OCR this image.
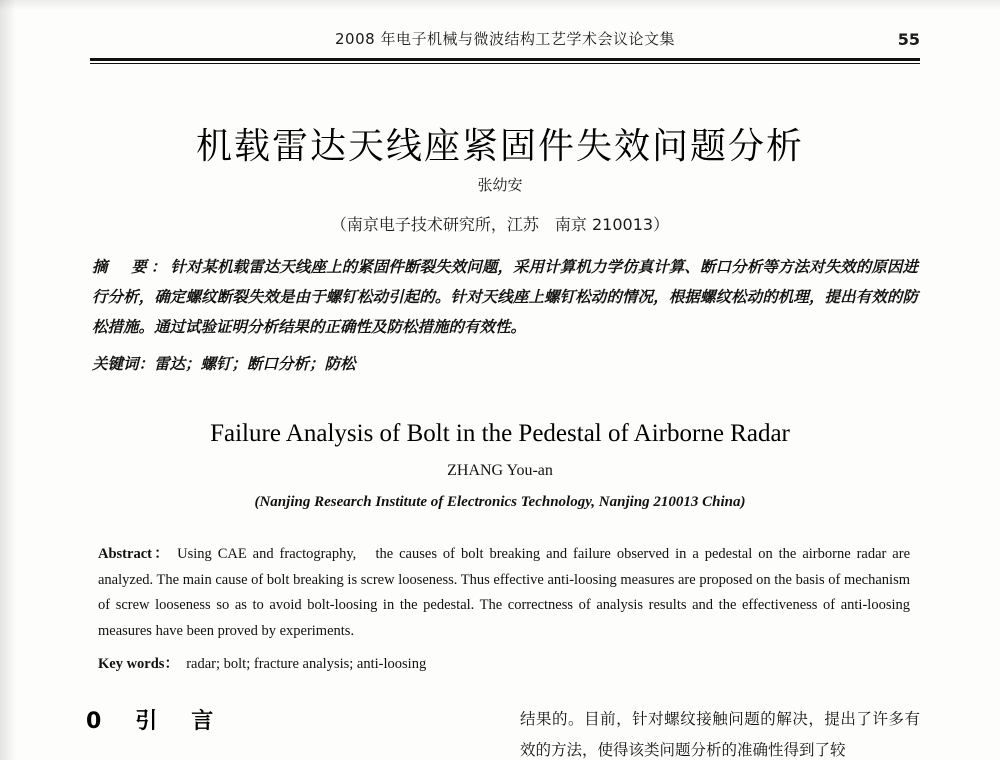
2008 年电子机械与微波结构工艺学术会议论文集	55
机载雷达天线座紧固件失效问题分析
张幼安
（南京电子技术研究所，江苏　南京 210013）
摘　要：针对某机载雷达天线座上的紧固件断裂失效问题，采用计算机力学仿真计算、断口分析等方法对失效的原因进行分析，确定螺纹断裂失效是由于螺钉松动引起的。针对天线座上螺钉松动的情况，根据螺纹松动的机理，提出有效的防松措施。通过试验证明分析结果的正确性及防松措施的有效性。
关键词：雷达；螺钉；断口分析；防松
Failure Analysis of Bolt in the Pedestal of Airborne Radar
ZHANG You-an
(Nanjing Research Institute of Electronics Technology, Nanjing 210013 China)
Abstract： Using CAE and fractography,　the causes of bolt breaking and failure observed in a pedestal on the airborne radar are analyzed. The main cause of bolt breaking is screw looseness. Thus effective anti-loosing measures are proposed on the basis of mechanism of screw looseness so as to avoid bolt-loosing in the pedestal. The correctness of analysis results and the effectiveness of anti-loosing measures have been proved by experiments.
Key words： radar; bolt; fracture analysis; anti-loosing
0　引　言	结果的。目前，针对螺纹接触问题的解决，提出了许多有效的方法，使得该类问题分析的准确性得到了较
